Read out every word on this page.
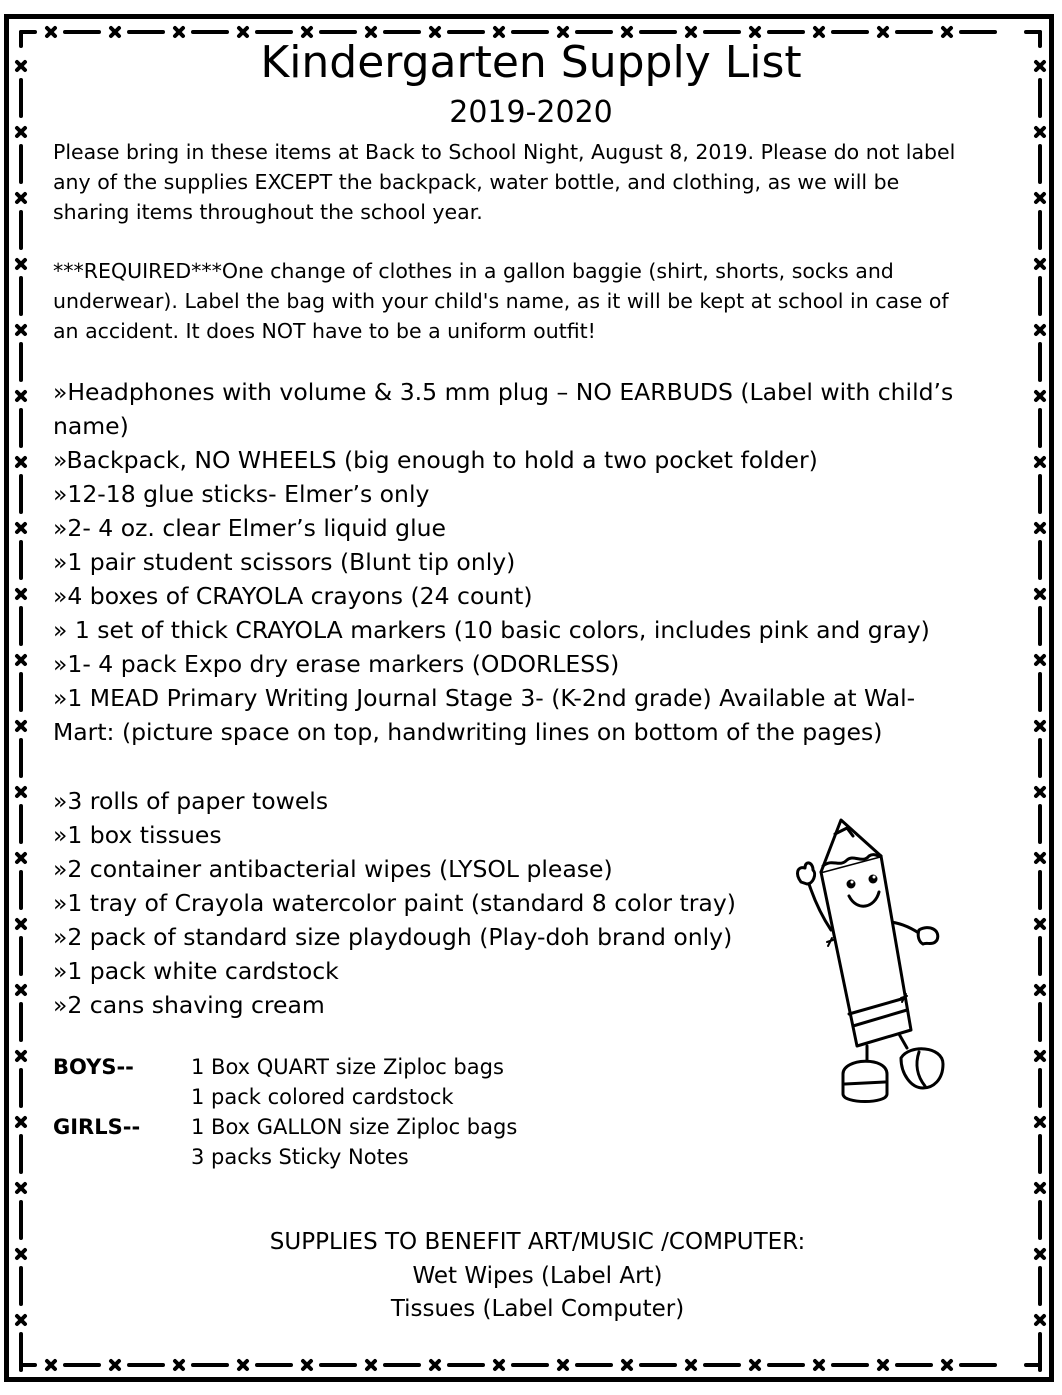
Kindergarten Supply List
2019-2020
Please bring in these items at Back to School Night, August 8, 2019. Please do not label
any of the supplies EXCEPT the backpack, water bottle, and clothing, as we will be
sharing items throughout the school year.
***REQUIRED***One change of clothes in a gallon baggie (shirt, shorts, socks and
underwear). Label the bag with your child's name, as it will be kept at school in case of
an accident. It does NOT have to be a uniform outfit!
»Headphones with volume & 3.5 mm plug – NO EARBUDS (Label with child’s
name)
»Backpack, NO WHEELS (big enough to hold a two pocket folder)
»12-18 glue sticks- Elmer’s only
»2- 4 oz. clear Elmer’s liquid glue
»1 pair student scissors (Blunt tip only)
»4 boxes of CRAYOLA crayons (24 count)
» 1 set of thick CRAYOLA markers (10 basic colors, includes pink and gray)
»1- 4 pack Expo dry erase markers (ODORLESS)
»1 MEAD Primary Writing Journal Stage 3- (K-2nd grade) Available at Wal-
Mart: (picture space on top, handwriting lines on bottom of the pages)
»3 rolls of paper towels
»1 box tissues
»2 container antibacterial wipes (LYSOL please)
»1 tray of Crayola watercolor paint (standard 8 color tray)
»2 pack of standard size playdough (Play-doh brand only)
»1 pack white cardstock
»2 cans shaving cream
BOYS--	1 Box QUART size Ziploc bags
1 pack colored cardstock
GIRLS-- 1 Box GALLON size Ziploc bags
3 packs Sticky Notes
SUPPLIES TO BENEFIT ART/MUSIC /COMPUTER:
Wet Wipes (Label Art)
Tissues (Label Computer)
